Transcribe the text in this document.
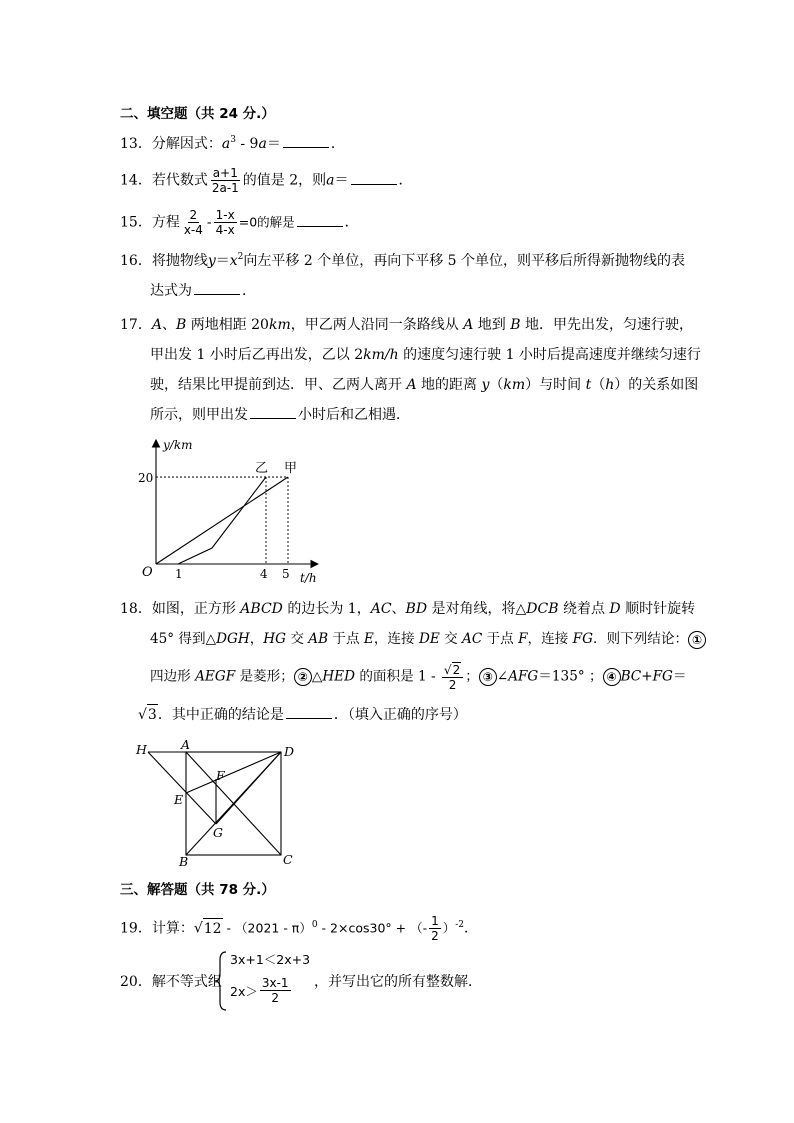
二、填空题（共 24 分.）
13．分解因式：$a^3 - 9a=$	．
14．若代数式 $\frac{a+1}{2a-1}$ 的值是 2，则a＝	．
15．方程 $\frac{2}{x-4} - \frac{1-x}{4-x} =0$的解是	．
16．将抛物线$y=x^2$向左平移 2 个单位，再向下平移 5 个单位，则平移后所得新抛物线的表
达式为	．
17．A、B 两地相距 20km，甲乙两人沿同一条路线从 A 地到 B 地．甲先出发，匀速行驶，
甲出发 1 小时后乙再出发，乙以 2km/h 的速度匀速行驶 1 小时后提高速度并继续匀速行
驶，结果比甲提前到达．甲、乙两人离开 A 地的距离 y（km）与时间 t（h）的关系如图
所示，则甲出发	小时后和乙相遇．
y/km
t/h
O
20
1	4 5
乙 甲
18．如图，正方形 ABCD 的边长为 1，AC、BD 是对角线，将△DCB 绕着点 D 顺时针旋转
45° 得到△DGH，HG 交 AB 于点 E，连接 DE 交 AC 于点 F，连接 FG．则下列结论： ①
四边形 AEGF 是菱形； ② △HED 的面积是 $1 - \frac{√2}{2}$ ； ③ ∠AFG＝135° ； ④ BC+FG＝
√3．其中正确的结论是	．（填入正确的序号）
H	A	D
F
E
G
B	C
三、解答题（共 78 分.）
19．计算：√12 - （2021 - π）$^0$ - 2×cos30° + （- $\frac{1}{2} )^{-2}$．
20．解不等式组
3x+1＜2x+3
$2x> \frac{3x-1}{2}$ ，并写出它的所有整数解．
